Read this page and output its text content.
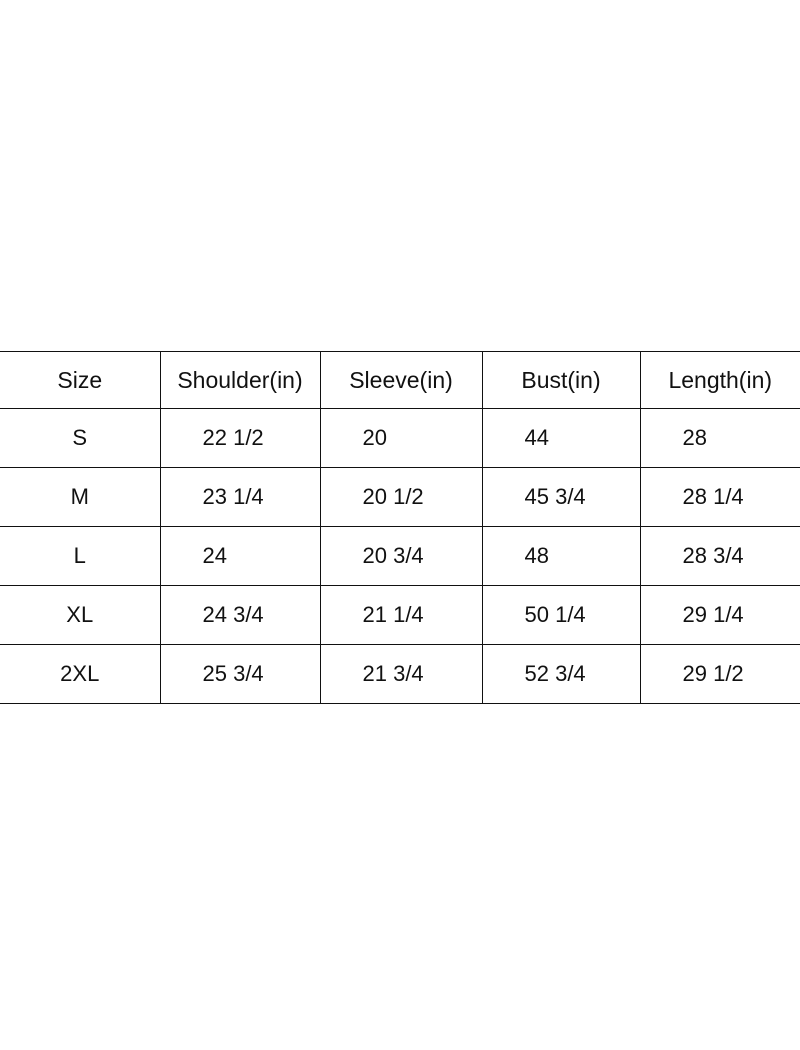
Size	Shoulder(in)	Sleeve(in)	Bust(in)	Length(in)

S	22 1/2	20	44	28

M	23 1/4	20 1/2	45 3/4	28 1/4

L	24	20 3/4	48	28 3/4

XL	24 3/4	21 1/4	50 1/4	29 1/4

2XL	25 3/4	21 3/4	52 3/4	29 1/2
